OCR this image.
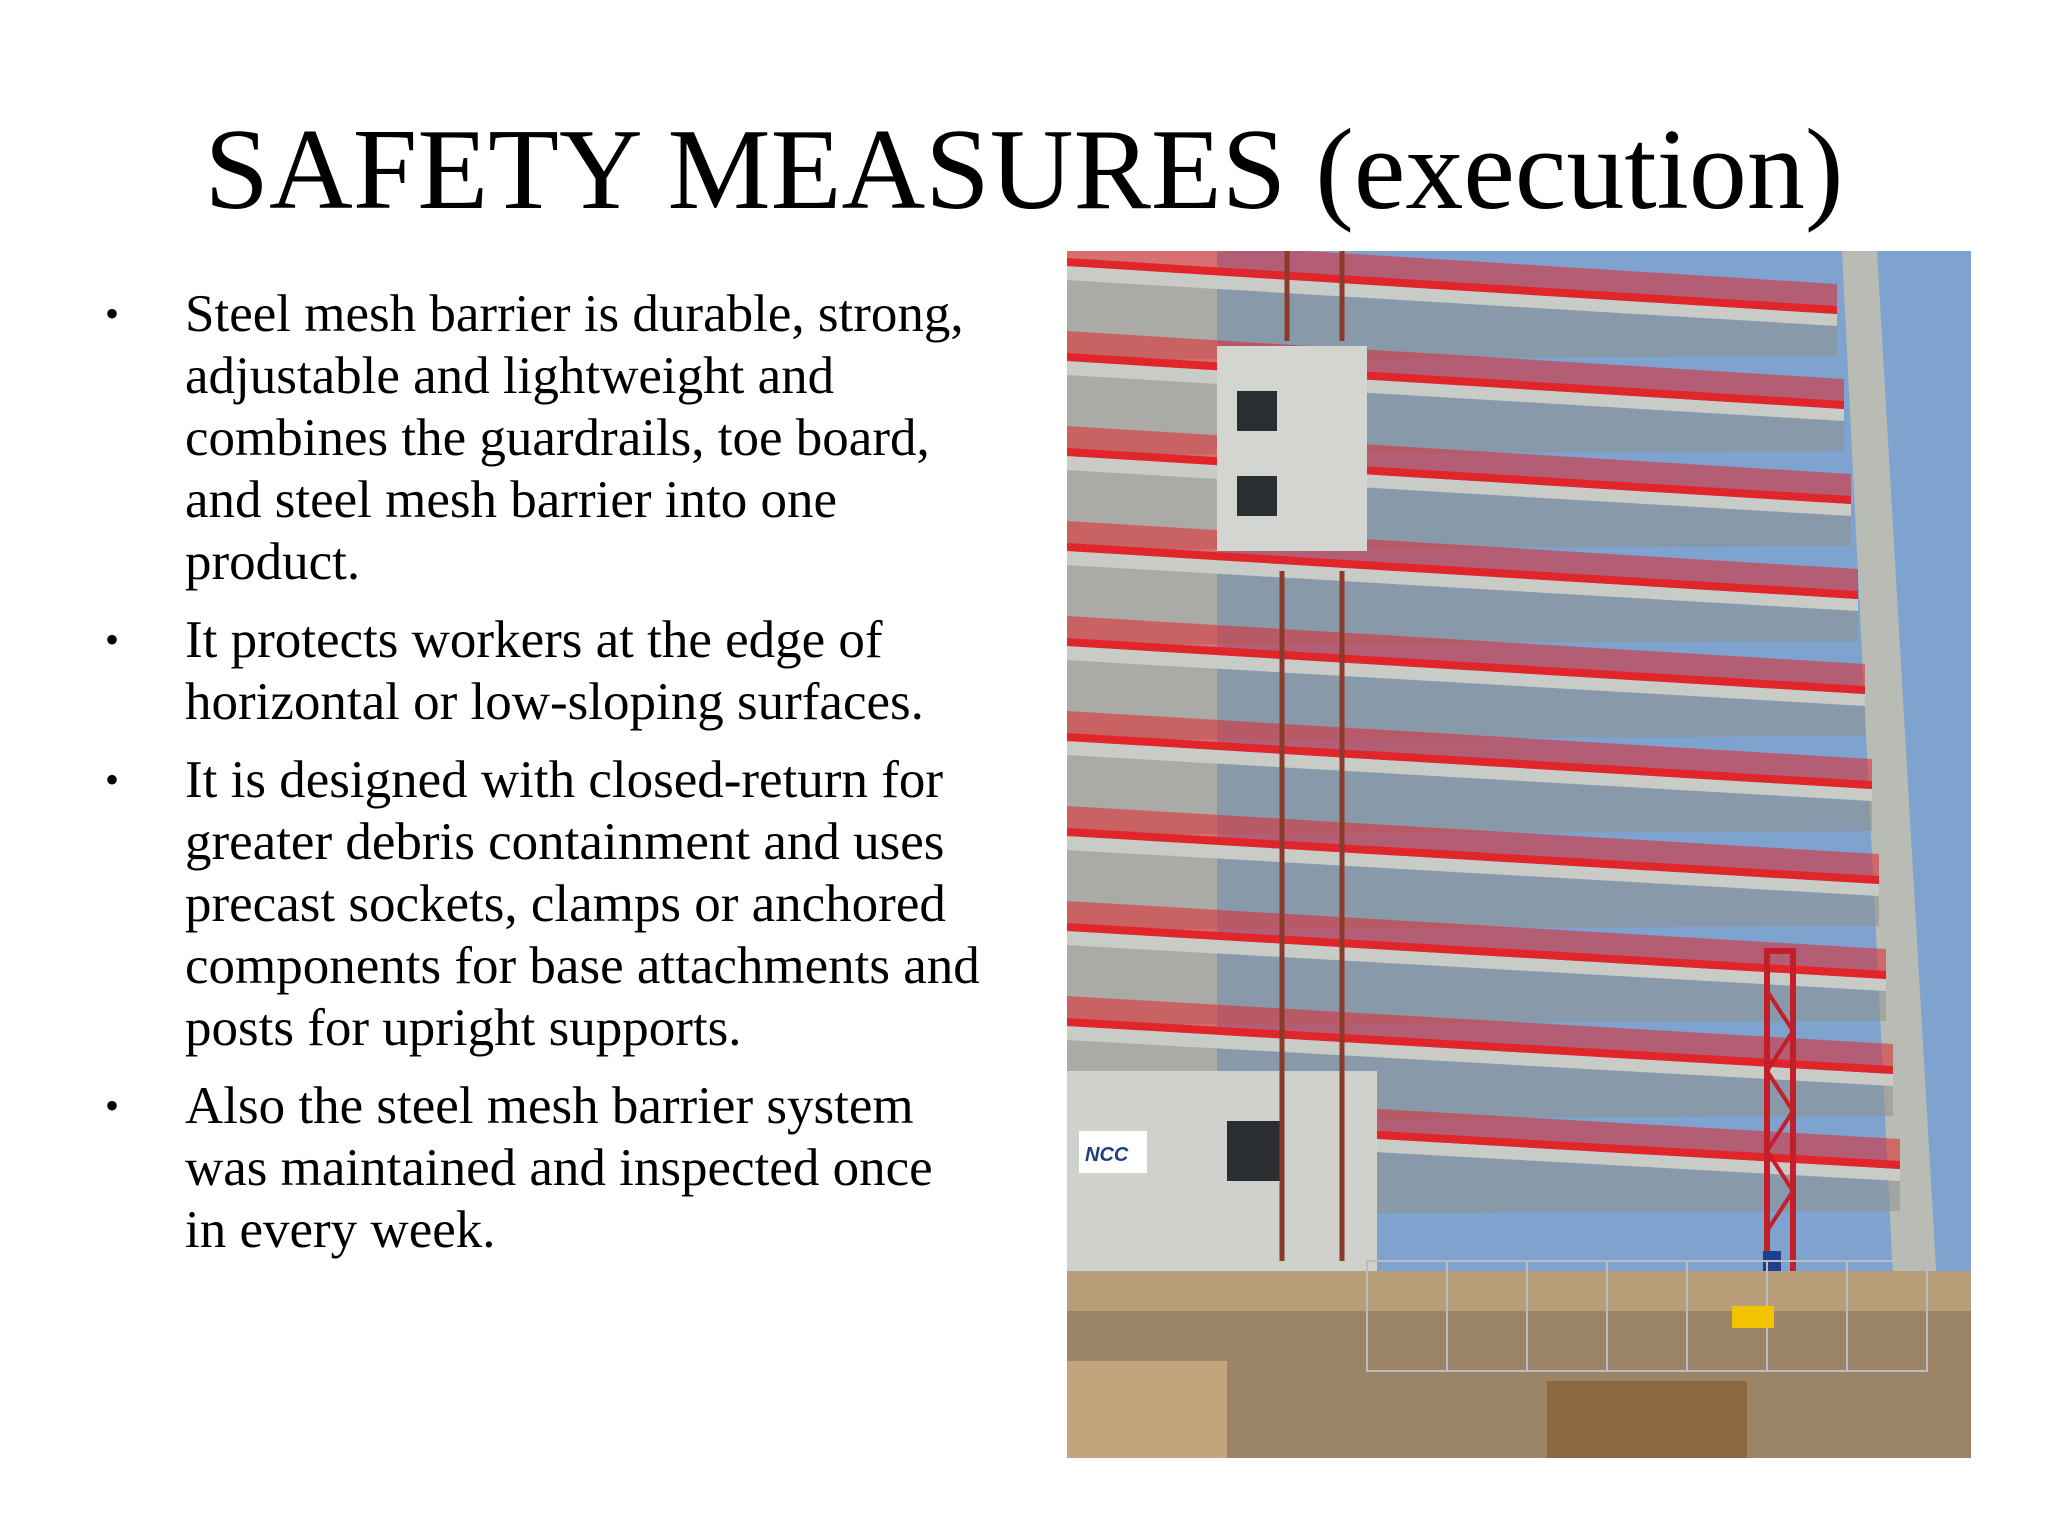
SAFETY MEASURES (execution)
•	Steel mesh barrier is durable, strong, adjustable and lightweight and combines the guardrails, toe board, and steel mesh barrier into one product.
•	It protects workers at the edge of horizontal or low-sloping surfaces.
•	It is designed with closed-return for greater debris containment and uses precast sockets, clamps or anchored components for base attachments and posts for upright supports.
•	Also the steel mesh barrier system was maintained and inspected once in every week.
NCC
